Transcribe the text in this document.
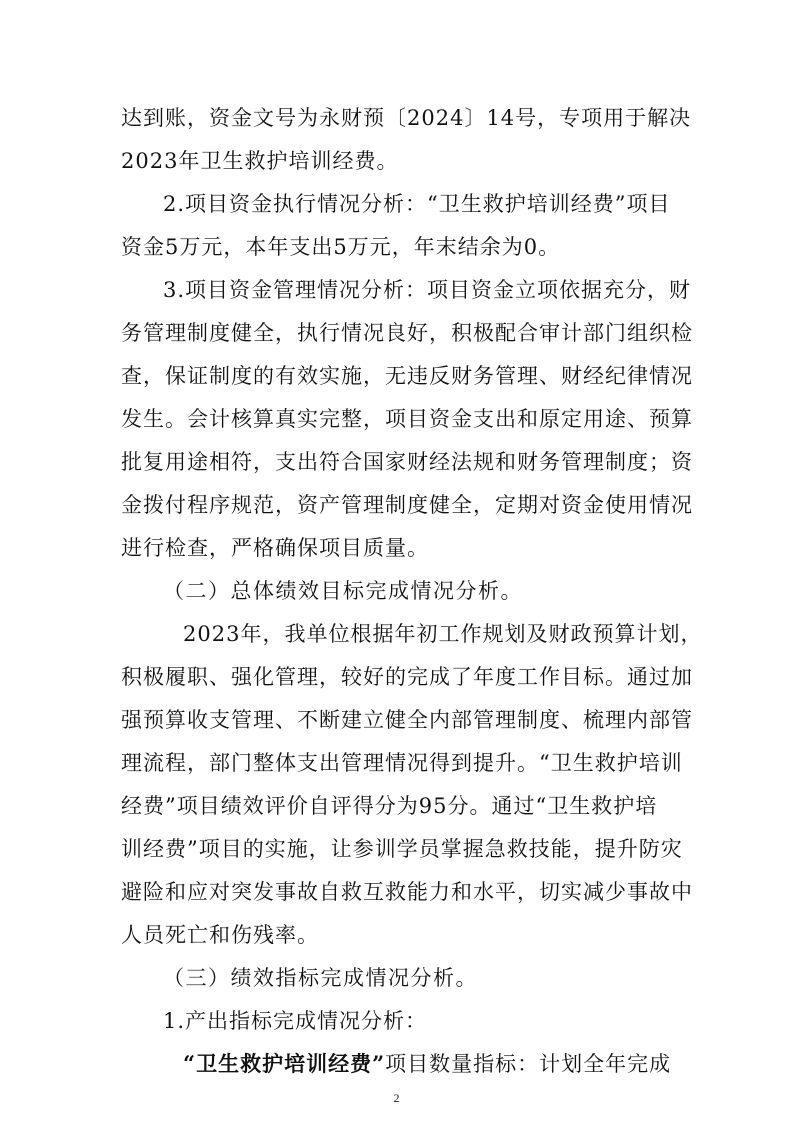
达到账，资金文号为永财预〔2024〕14号，专项用于解决
2023年卫生救护培训经费。
2.项目资金执行情况分析：“卫生救护培训经费”项目
资金5万元，本年支出5万元，年末结余为0。
3.项目资金管理情况分析：项目资金立项依据充分，财
务管理制度健全，执行情况良好，积极配合审计部门组织检
查，保证制度的有效实施，无违反财务管理、财经纪律情况
发生。会计核算真实完整，项目资金支出和原定用途、预算
批复用途相符，支出符合国家财经法规和财务管理制度；资
金拨付程序规范，资产管理制度健全，定期对资金使用情况
进行检查，严格确保项目质量。
（二）总体绩效目标完成情况分析。
2023年，我单位根据年初工作规划及财政预算计划，
积极履职、强化管理，较好的完成了年度工作目标。通过加
强预算收支管理、不断建立健全内部管理制度、梳理内部管
理流程，部门整体支出管理情况得到提升。“卫生救护培训
经费”项目绩效评价自评得分为95分。通过“卫生救护培
训经费”项目的实施，让参训学员掌握急救技能，提升防灾
避险和应对突发事故自救互救能力和水平，切实减少事故中
人员死亡和伤残率。
（三）绩效指标完成情况分析。
1.产出指标完成情况分析：
“卫生救护培训经费”项目数量指标：计划全年完成
2
